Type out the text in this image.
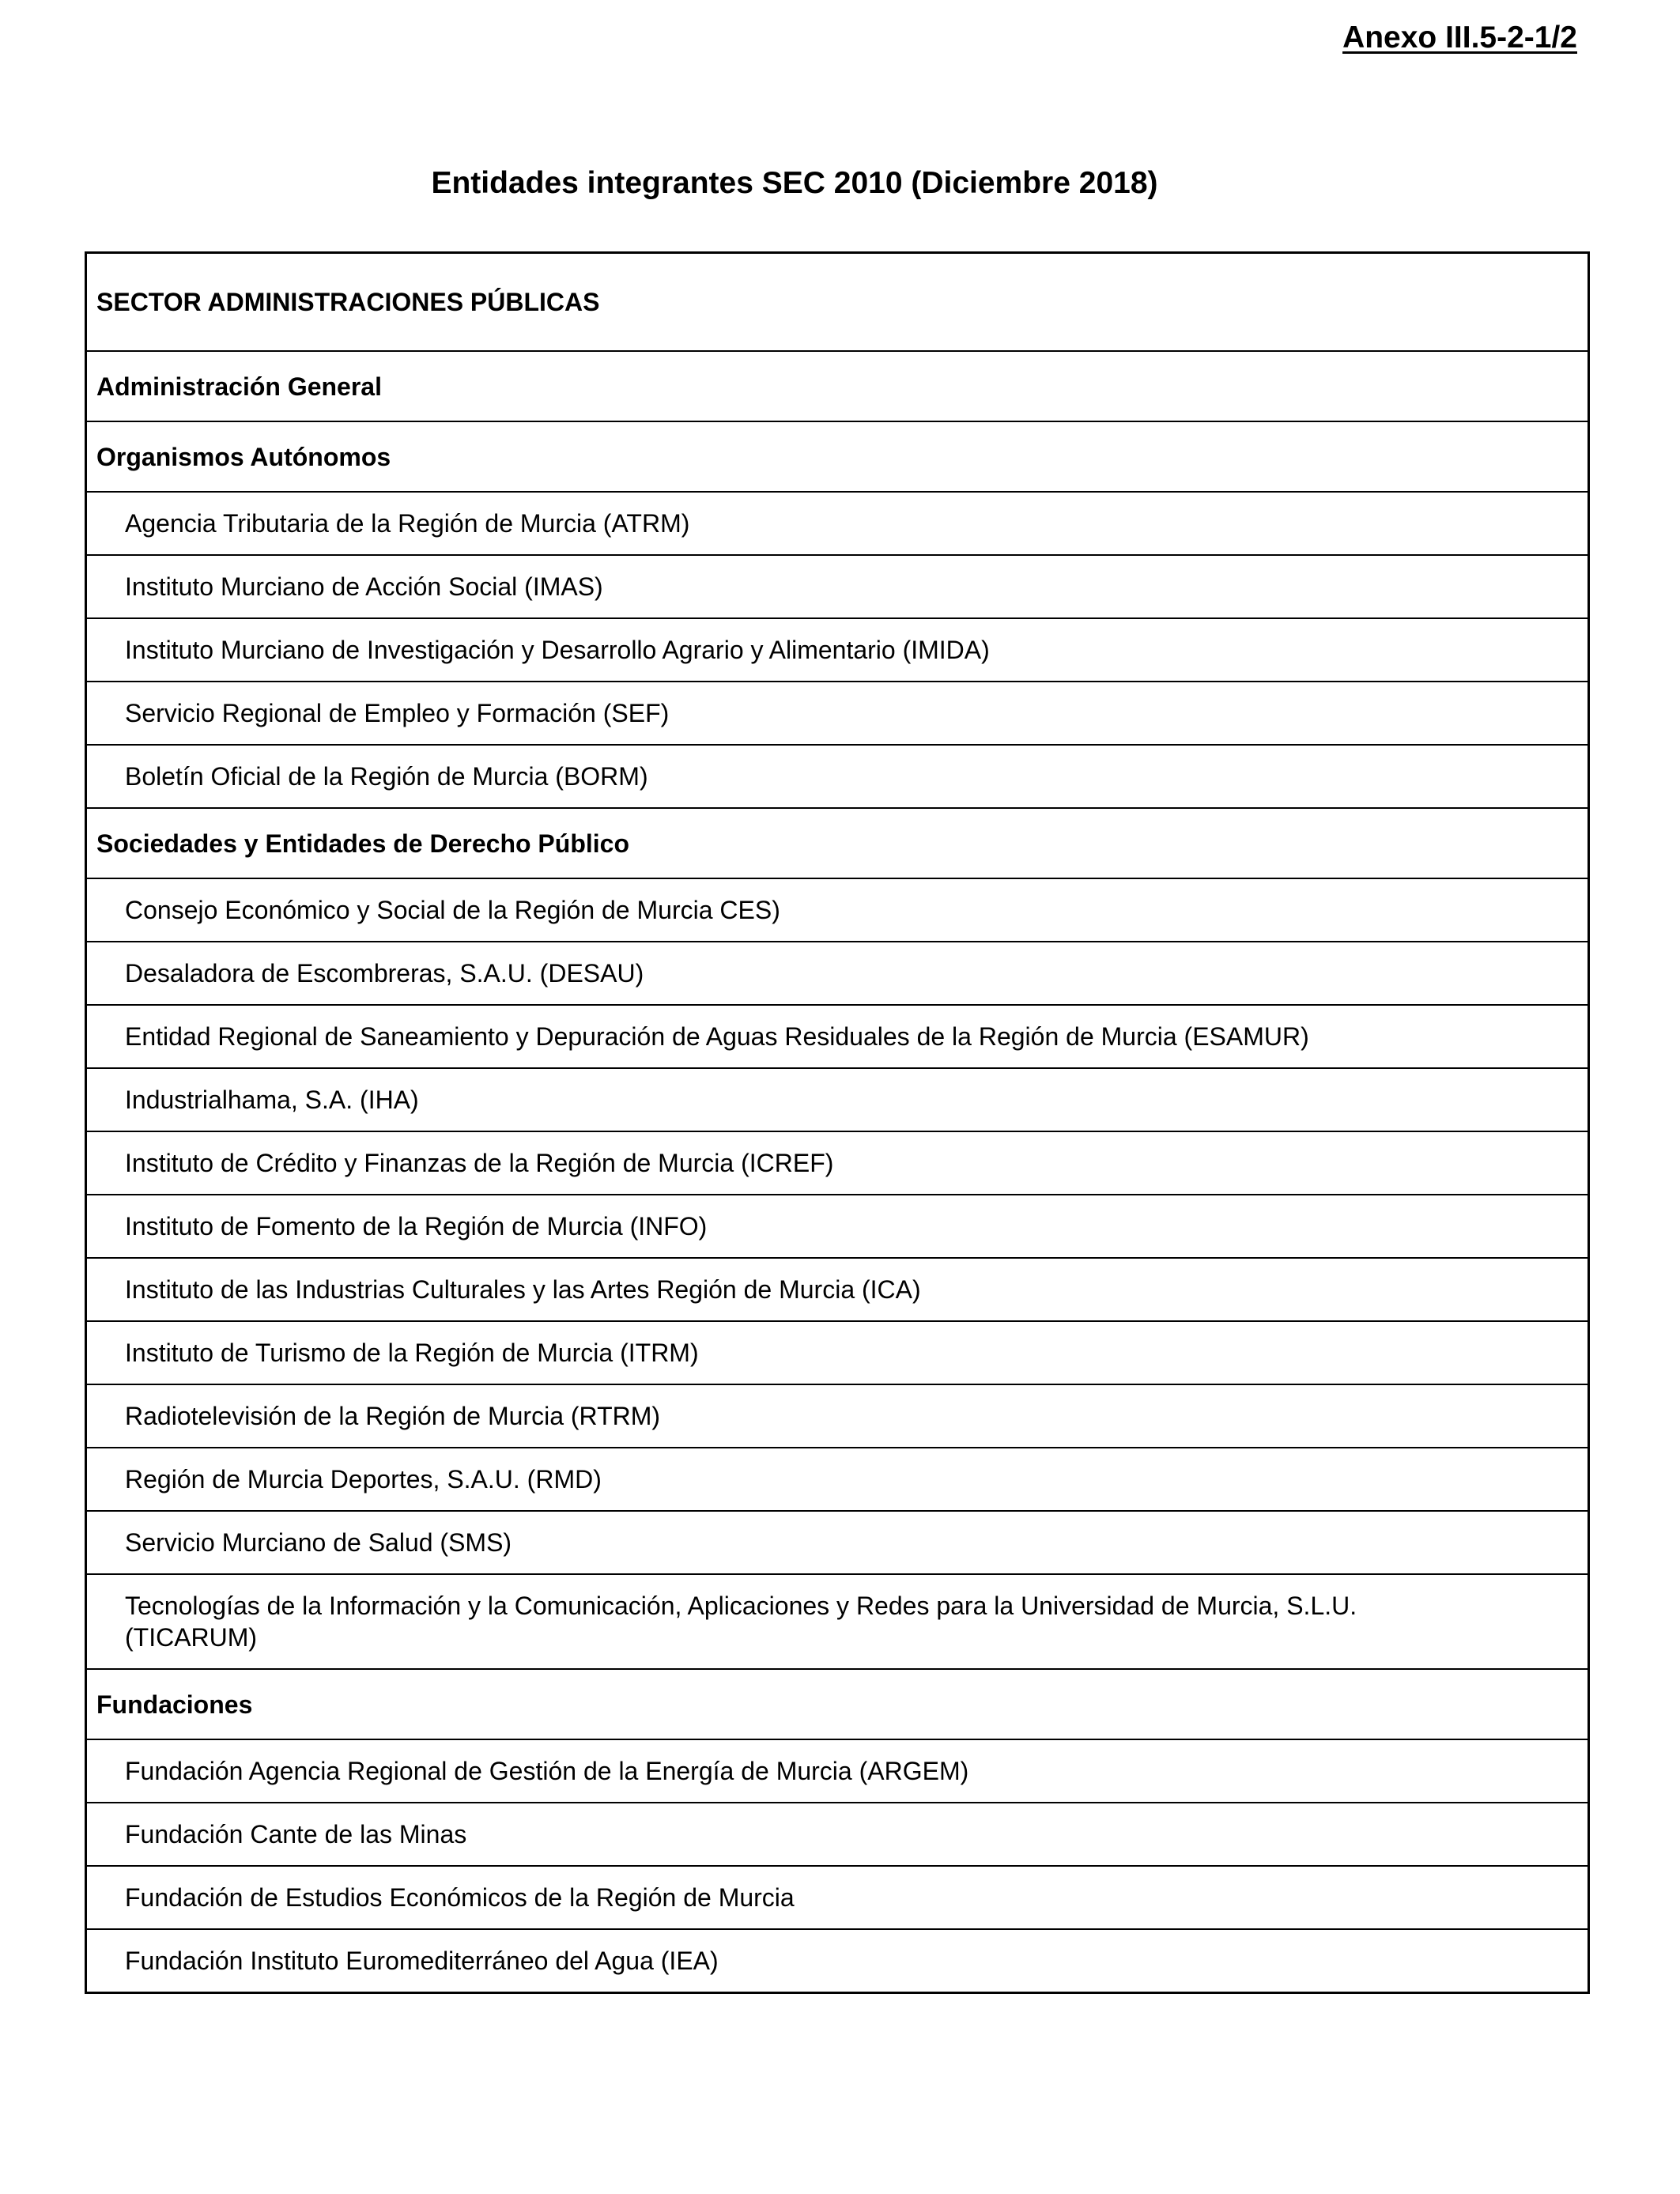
Anexo III.5-2-1/2
Entidades integrantes SEC 2010 (Diciembre 2018)
SECTOR ADMINISTRACIONES PÚBLICAS
Administración General
Organismos Autónomos
Agencia Tributaria de la Región de Murcia (ATRM)
Instituto Murciano de Acción Social (IMAS)
Instituto Murciano de Investigación y Desarrollo Agrario y Alimentario (IMIDA)
Servicio Regional de Empleo y Formación (SEF)
Boletín Oficial de la Región de Murcia (BORM)
Sociedades y Entidades de Derecho Público
Consejo Económico y Social de la Región de Murcia CES)
Desaladora de Escombreras, S.A.U. (DESAU)
Entidad Regional de Saneamiento y Depuración de Aguas Residuales de la Región de Murcia (ESAMUR)
Industrialhama, S.A. (IHA)
Instituto de Crédito y Finanzas de la Región de Murcia (ICREF)
Instituto de Fomento de la Región de Murcia (INFO)
Instituto de las Industrias Culturales y las Artes Región de Murcia (ICA)
Instituto de Turismo de la Región de Murcia (ITRM)
Radiotelevisión de la Región de Murcia (RTRM)
Región de Murcia Deportes, S.A.U. (RMD)
Servicio Murciano de Salud (SMS)
Tecnologías de la Información y la Comunicación, Aplicaciones y Redes para la Universidad de Murcia, S.L.U. (TICARUM)
Fundaciones
Fundación Agencia Regional de Gestión de la Energía de Murcia (ARGEM)
Fundación Cante de las Minas
Fundación de Estudios Económicos de la Región de Murcia
Fundación Instituto Euromediterráneo del Agua (IEA)
